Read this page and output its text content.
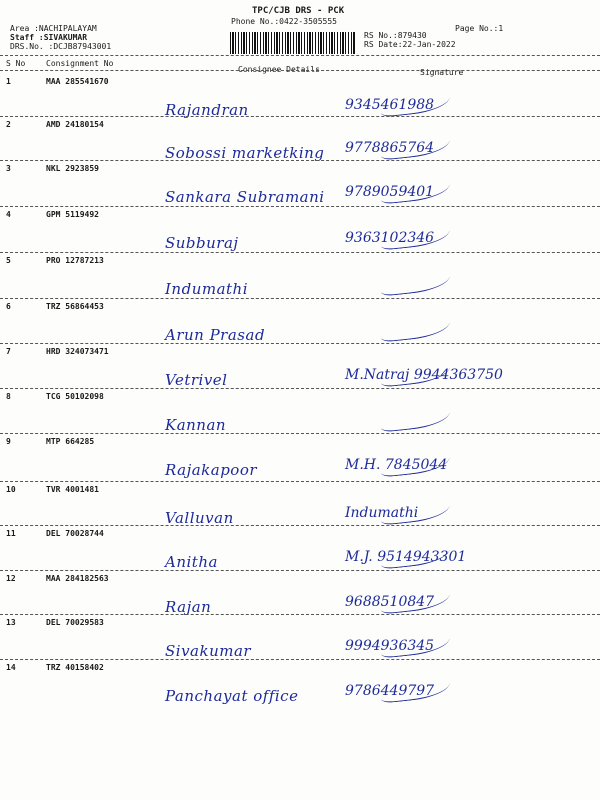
TPC/CJB DRS - PCK
Phone No.:0422-3505555
Area :NACHIPALAYAM
Staff :SIVAKUMAR
DRS.No. :DCJB87943001
RS No.:879430
RS Date:22-Jan-2022
Page No.:1
S No	Consignment No
Consignee Details	Signature
1	MAA 285541670
Rajandran	9345461988
2	AMD 24180154
Sobossi marketking 9778865764
3	NKL 2923859
Sankara Subramani 9789059401
4	GPM 5119492
Subburaj	9363102346
5	PRO 12787213
Indumathi
6	TRZ 56864453
Arun Prasad
7	HRD 324073471
Vetrivel	M.Natraj 9944363750
8	TCG 50102098
Kannan
9	MTP 664285
Rajakapoor	M.H. 7845044
10	TVR 4001481
Valluvan	Indumathi
11	DEL 70028744
Anitha	M.J. 9514943301
12	MAA 284182563
Rajan	9688510847
13	DEL 70029583
Sivakumar	9994936345
14	TRZ 40158402
Panchayat office	9786449797
